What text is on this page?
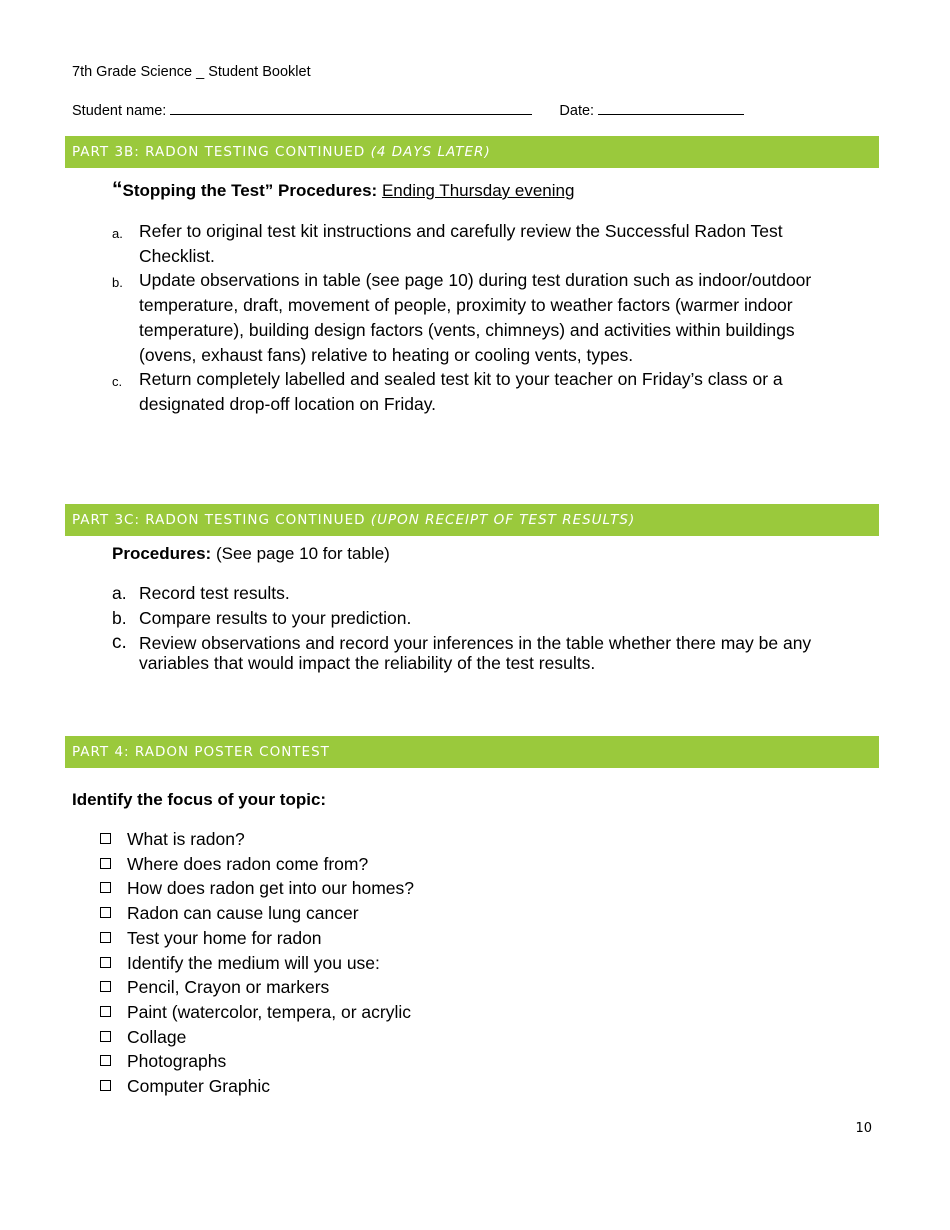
7th Grade Science _ Student Booklet
Student name:	Date:
PART 3B: RADON TESTING CONTINUED (4 DAYS LATER)
“Stopping the Test” Procedures: Ending Thursday evening
a. Refer to original test kit instructions and carefully review the Successful Radon Test Checklist.
b. Update observations in table (see page 10) during test duration such as indoor/outdoor temperature, draft, movement of people, proximity to weather factors (warmer indoor temperature), building design factors (vents, chimneys) and activities within buildings (ovens, exhaust fans) relative to heating or cooling vents, types.
c. Return completely labelled and sealed test kit to your teacher on Friday’s class or a designated drop-off location on Friday.
PART 3C: RADON TESTING CONTINUED (UPON RECEIPT OF TEST RESULTS)
Procedures: (See page 10 for table)
a. Record test results.
b. Compare results to your prediction.
c. Review observations and record your inferences in the table whether there may be any variables that would impact the reliability of the test results.
PART 4: RADON POSTER CONTEST
Identify the focus of your topic:
What is radon?
Where does radon come from?
How does radon get into our homes?
Radon can cause lung cancer
Test your home for radon
Identify the medium will you use:
Pencil, Crayon or markers
Paint (watercolor, tempera, or acrylic
Collage
Photographs
Computer Graphic
10
